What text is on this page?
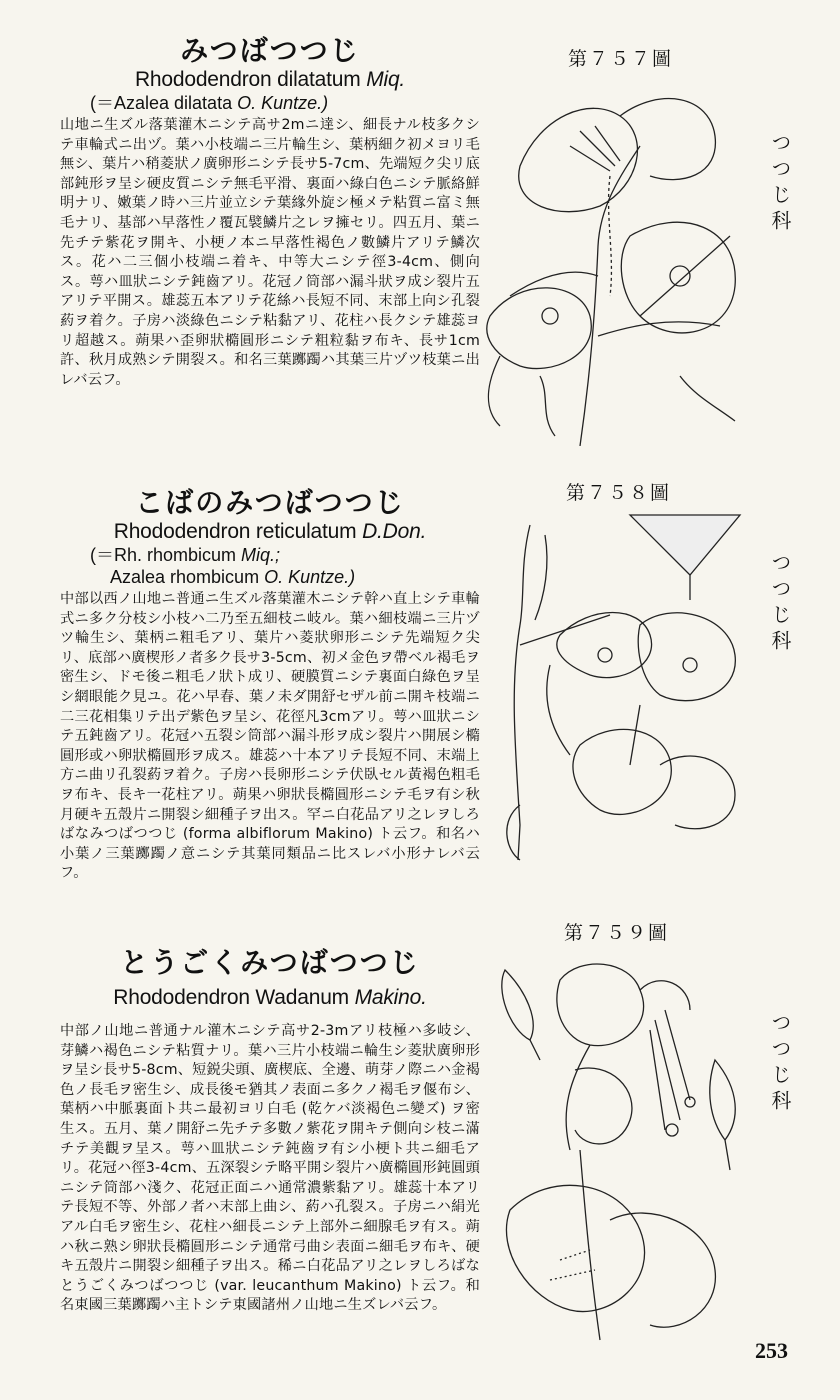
みつばつつじ

Rhododendron dilatatum Miq.

(＝Azalea dilatata O. Kuntze.)

山地ニ生ズル落葉灌木ニシテ高サ2mニ達シ、細長ナル枝多クシテ車輪式ニ出ヅ。葉ハ小枝端ニ三片輪生シ、葉柄細ク初メヨリ毛無シ、葉片ハ稍菱狀ノ廣卵形ニシテ長サ5-7cm、先端短ク尖リ底部鈍形ヲ呈シ硬皮質ニシテ無毛平滑、裏面ハ綠白色ニシテ脈絡鮮明ナリ、嫩葉ノ時ハ三片並立シテ葉緣外旋シ極メテ粘質ニ富ミ無毛ナリ、基部ハ早落性ノ覆瓦襞鱗片之レヲ擁セリ。四五月、葉ニ先チテ紫花ヲ開キ、小梗ノ本ニ早落性褐色ノ數鱗片アリテ鱗次ス。花ハ二三個小枝端ニ着キ、中等大ニシテ徑3-4cm、側向ス。萼ハ皿狀ニシテ鈍齒アリ。花冠ノ筒部ハ漏斗狀ヲ成シ裂片五アリテ平開ス。雄蕊五本アリテ花絲ハ長短不同、末部上向シ孔裂葯ヲ着ク。子房ハ淡綠色ニシテ粘黏アリ、花柱ハ長クシテ雄蕊ヨリ超越ス。蒴果ハ歪卵狀橢圓形ニシテ粗粒黏ヲ布キ、長サ1cm許、秋月成熟シテ開裂ス。和名三葉躑躅ハ其葉三片ヅツ枝葉ニ出レバ云フ。

こばのみつばつつじ

Rhododendron reticulatum D.Don.

(＝Rh. rhombicum Miq.;

Azalea rhombicum O. Kuntze.)

中部以西ノ山地ニ普通ニ生ズル落葉灌木ニシテ幹ハ直上シテ車輪式ニ多ク分枝シ小枝ハ二乃至五細枝ニ岐ル。葉ハ細枝端ニ三片ヅツ輪生シ、葉柄ニ粗毛アリ、葉片ハ菱狀卵形ニシテ先端短ク尖リ、底部ハ廣楔形ノ者多ク長サ3-5cm、初メ金色ヲ帶ベル褐毛ヲ密生シ、ドモ後ニ粗毛ノ狀ト成リ、硬膜質ニシテ裏面白綠色ヲ呈シ網眼能ク見ユ。花ハ早春、葉ノ未ダ開舒セザル前ニ開キ枝端ニ二三花相集リテ出デ紫色ヲ呈シ、花徑凡3cmアリ。萼ハ皿狀ニシテ五鈍齒アリ。花冠ハ五裂シ筒部ハ漏斗形ヲ成シ裂片ハ開展シ橢圓形或ハ卵狀橢圓形ヲ成ス。雄蕊ハ十本アリテ長短不同、末端上方ニ曲リ孔裂葯ヲ着ク。子房ハ長卵形ニシテ伏臥セル黃褐色粗毛ヲ布キ、長キ一花柱アリ。蒴果ハ卵狀長橢圓形ニシテ毛ヲ有シ秋月硬キ五殼片ニ開裂シ細種子ヲ出ス。罕ニ白花品アリ之レヲしろばなみつばつつじ (forma albiflorum Makino) ト云フ。和名ハ小葉ノ三葉躑躅ノ意ニシテ其葉同類品ニ比スレバ小形ナレバ云フ。

とうごくみつばつつじ

Rhododendron Wadanum Makino.

中部ノ山地ニ普通ナル灌木ニシテ高サ2-3mアリ枝極ハ多岐シ、芽鱗ハ褐色ニシテ粘質ナリ。葉ハ三片小枝端ニ輪生シ菱狀廣卵形ヲ呈シ長サ5-8cm、短鋭尖頭、廣楔底、全邊、萌芽ノ際ニハ金褐色ノ長毛ヲ密生シ、成長後モ猶其ノ表面ニ多クノ褐毛ヲ偃布シ、葉柄ハ中脈裏面ト共ニ最初ヨリ白毛 (乾ケバ淡褐色ニ變ズ) ヲ密生ス。五月、葉ノ開舒ニ先チテ多數ノ紫花ヲ開キテ側向シ枝ニ滿チテ美觀ヲ呈ス。萼ハ皿狀ニシテ鈍齒ヲ有シ小梗ト共ニ細毛アリ。花冠ハ徑3-4cm、五深裂シテ略平開シ裂片ハ廣橢圓形鈍圓頭ニシテ筒部ハ淺ク、花冠正面ニハ通常濃紫黏アリ。雄蕊十本アリテ長短不等、外部ノ者ハ末部上曲シ、葯ハ孔裂ス。子房ニハ絹光アル白毛ヲ密生シ、花柱ハ細長ニシテ上部外ニ細腺毛ヲ有ス。蒴ハ秋ニ熟シ卵狀長橢圓形ニシテ通常弓曲シ表面ニ細毛ヲ布キ、硬キ五殼片ニ開裂シ細種子ヲ出ス。稀ニ白花品アリ之レヲしろばなとうごくみつばつつじ (var. leucanthum Makino) ト云フ。和名東國三葉躑躅ハ主トシテ東國諸州ノ山地ニ生ズレバ云フ。

第７５７圖
第７５８圖
第７５９圖
つつじ科
つつじ科
つつじ科
253
